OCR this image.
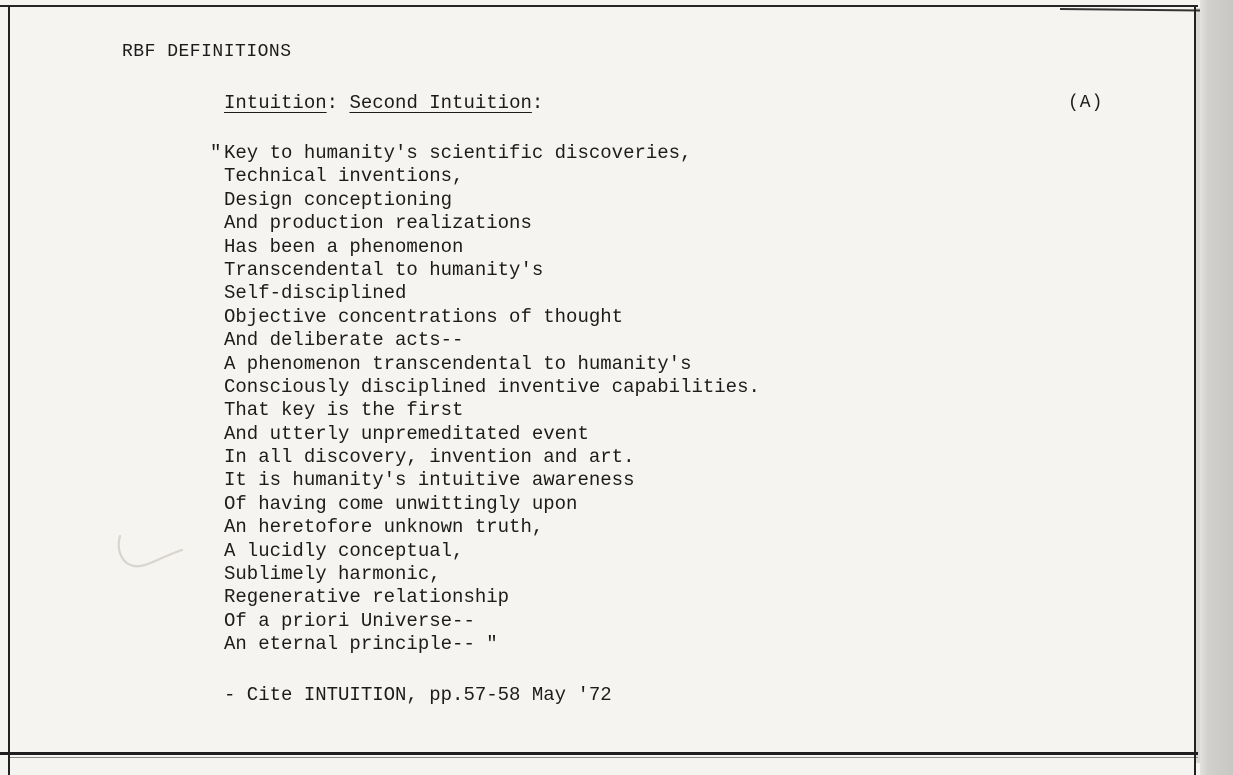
RBF DEFINITIONS
Intuition: Second Intuition:	(A)
" Key to humanity's scientific discoveries,
Technical inventions,
Design conceptioning
And production realizations
Has been a phenomenon
Transcendental to humanity's
Self-disciplined
Objective concentrations of thought
And deliberate acts--
A phenomenon transcendental to humanity's
Consciously disciplined inventive capabilities.
That key is the first
And utterly unpremeditated event
In all discovery, invention and art.
It is humanity's intuitive awareness
Of having come unwittingly upon
An heretofore unknown truth,
A lucidly conceptual,
Sublimely harmonic,
Regenerative relationship
Of a priori Universe--
An eternal principle-- "
- Cite INTUITION, pp.57-58 May '72
